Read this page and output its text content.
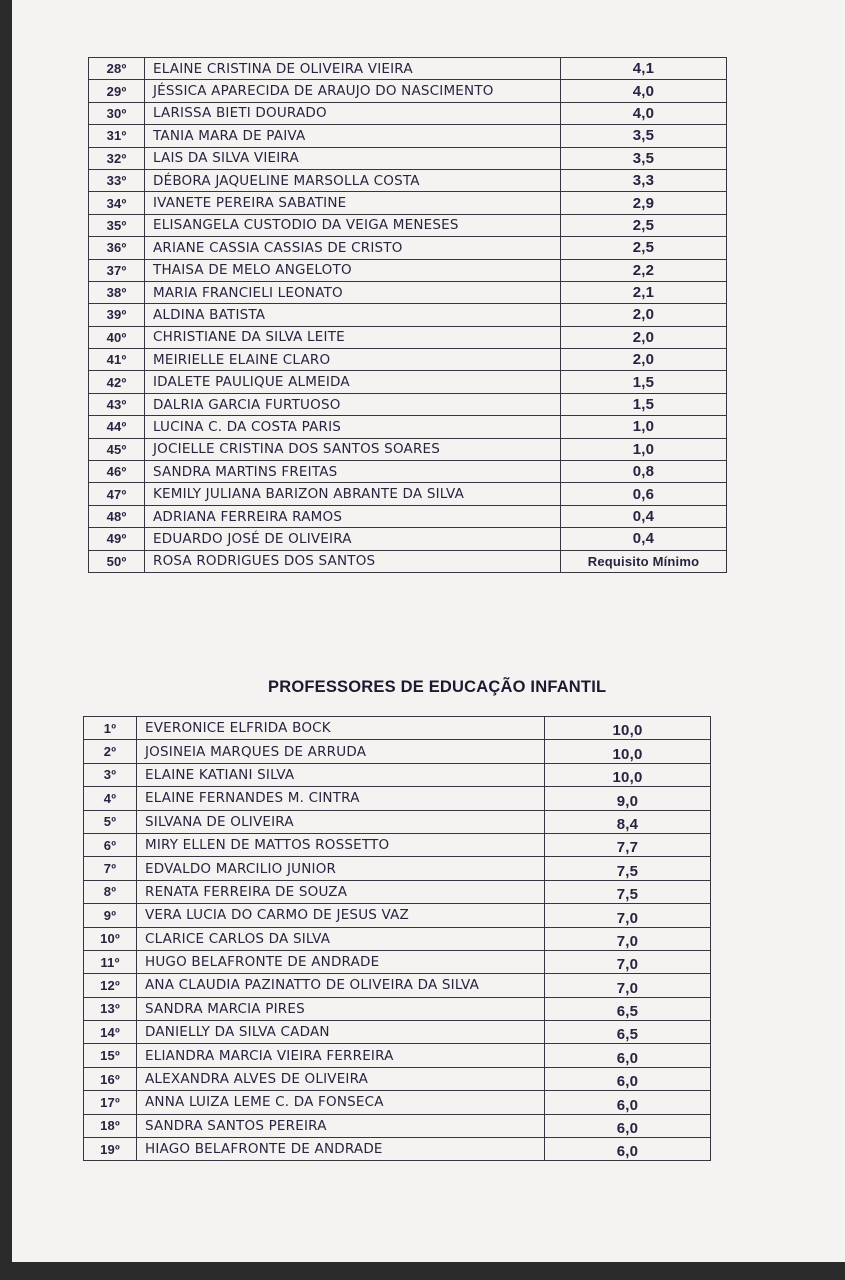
28º	ELAINE CRISTINA DE OLIVEIRA VIEIRA	4,1
29º	JÉSSICA APARECIDA DE ARAUJO DO NASCIMENTO	4,0
30º	LARISSA BIETI DOURADO	4,0
31º	TANIA MARA DE PAIVA	3,5
32º	LAIS DA SILVA VIEIRA	3,5
33º	DÉBORA JAQUELINE MARSOLLA COSTA	3,3
34º	IVANETE PEREIRA SABATINE	2,9
35º	ELISANGELA CUSTODIO DA VEIGA MENESES	2,5
36º	ARIANE CASSIA CASSIAS DE CRISTO	2,5
37º	THAISA DE MELO ANGELOTO	2,2
38º	MARIA FRANCIELI LEONATO	2,1
39º	ALDINA BATISTA	2,0
40º	CHRISTIANE DA SILVA LEITE	2,0
41º	MEIRIELLE ELAINE CLARO	2,0
42º	IDALETE PAULIQUE ALMEIDA	1,5
43º	DALRIA GARCIA FURTUOSO	1,5
44º	LUCINA C. DA COSTA PARIS	1,0
45º	JOCIELLE CRISTINA DOS SANTOS SOARES	1,0
46º	SANDRA MARTINS FREITAS	0,8
47º	KEMILY JULIANA BARIZON ABRANTE DA SILVA	0,6
48º	ADRIANA FERREIRA RAMOS	0,4
49º	EDUARDO JOSÉ DE OLIVEIRA	0,4
50º	ROSA RODRIGUES DOS SANTOS	Requisito Mínimo
PROFESSORES DE EDUCAÇÃO INFANTIL
1º	EVERONICE ELFRIDA BOCK	10,0
2º	JOSINEIA MARQUES DE ARRUDA	10,0
3º	ELAINE KATIANI SILVA	10,0
4º	ELAINE FERNANDES M. CINTRA	9,0
5º	SILVANA DE OLIVEIRA	8,4
6º	MIRY ELLEN DE MATTOS ROSSETTO	7,7
7º	EDVALDO MARCILIO JUNIOR	7,5
8º	RENATA FERREIRA DE SOUZA	7,5
9º	VERA LUCIA DO CARMO DE JESUS VAZ	7,0
10º	CLARICE CARLOS DA SILVA	7,0
11º	HUGO BELAFRONTE DE ANDRADE	7,0
12º	ANA CLAUDIA PAZINATTO DE OLIVEIRA DA SILVA	7,0
13º	SANDRA MARCIA PIRES	6,5
14º	DANIELLY DA SILVA CADAN	6,5
15º	ELIANDRA MARCIA VIEIRA FERREIRA	6,0
16º	ALEXANDRA ALVES DE OLIVEIRA	6,0
17º	ANNA LUIZA LEME C. DA FONSECA	6,0
18º	SANDRA SANTOS PEREIRA	6,0
19º	HIAGO BELAFRONTE DE ANDRADE	6,0
